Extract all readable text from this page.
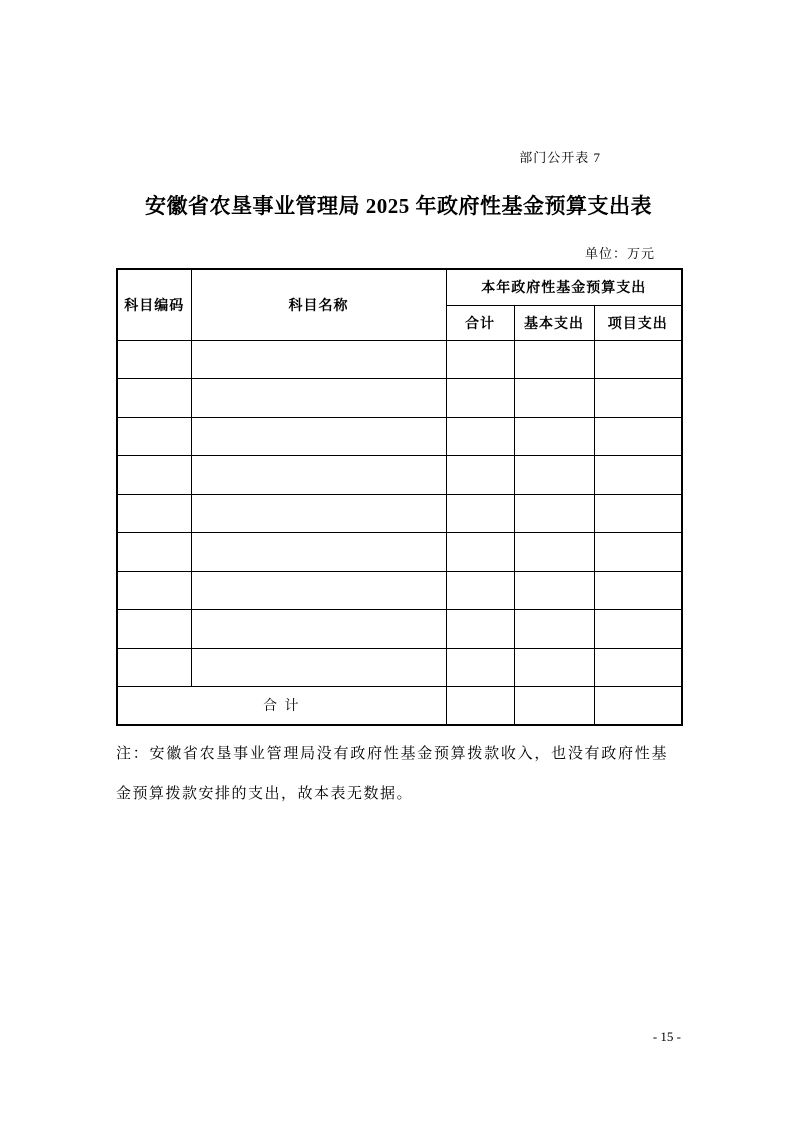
部门公开表 7
安徽省农垦事业管理局 2025 年政府性基金预算支出表
单位：万元
科目编码	科目名称	本年政府性基金预算支出		
		合计	基本支出	项目支出

合 计				

注：安徽省农垦事业管理局没有政府性基金预算拨款收入，也没有政府性基金预算拨款安排的支出，故本表无数据。

- 15 -
